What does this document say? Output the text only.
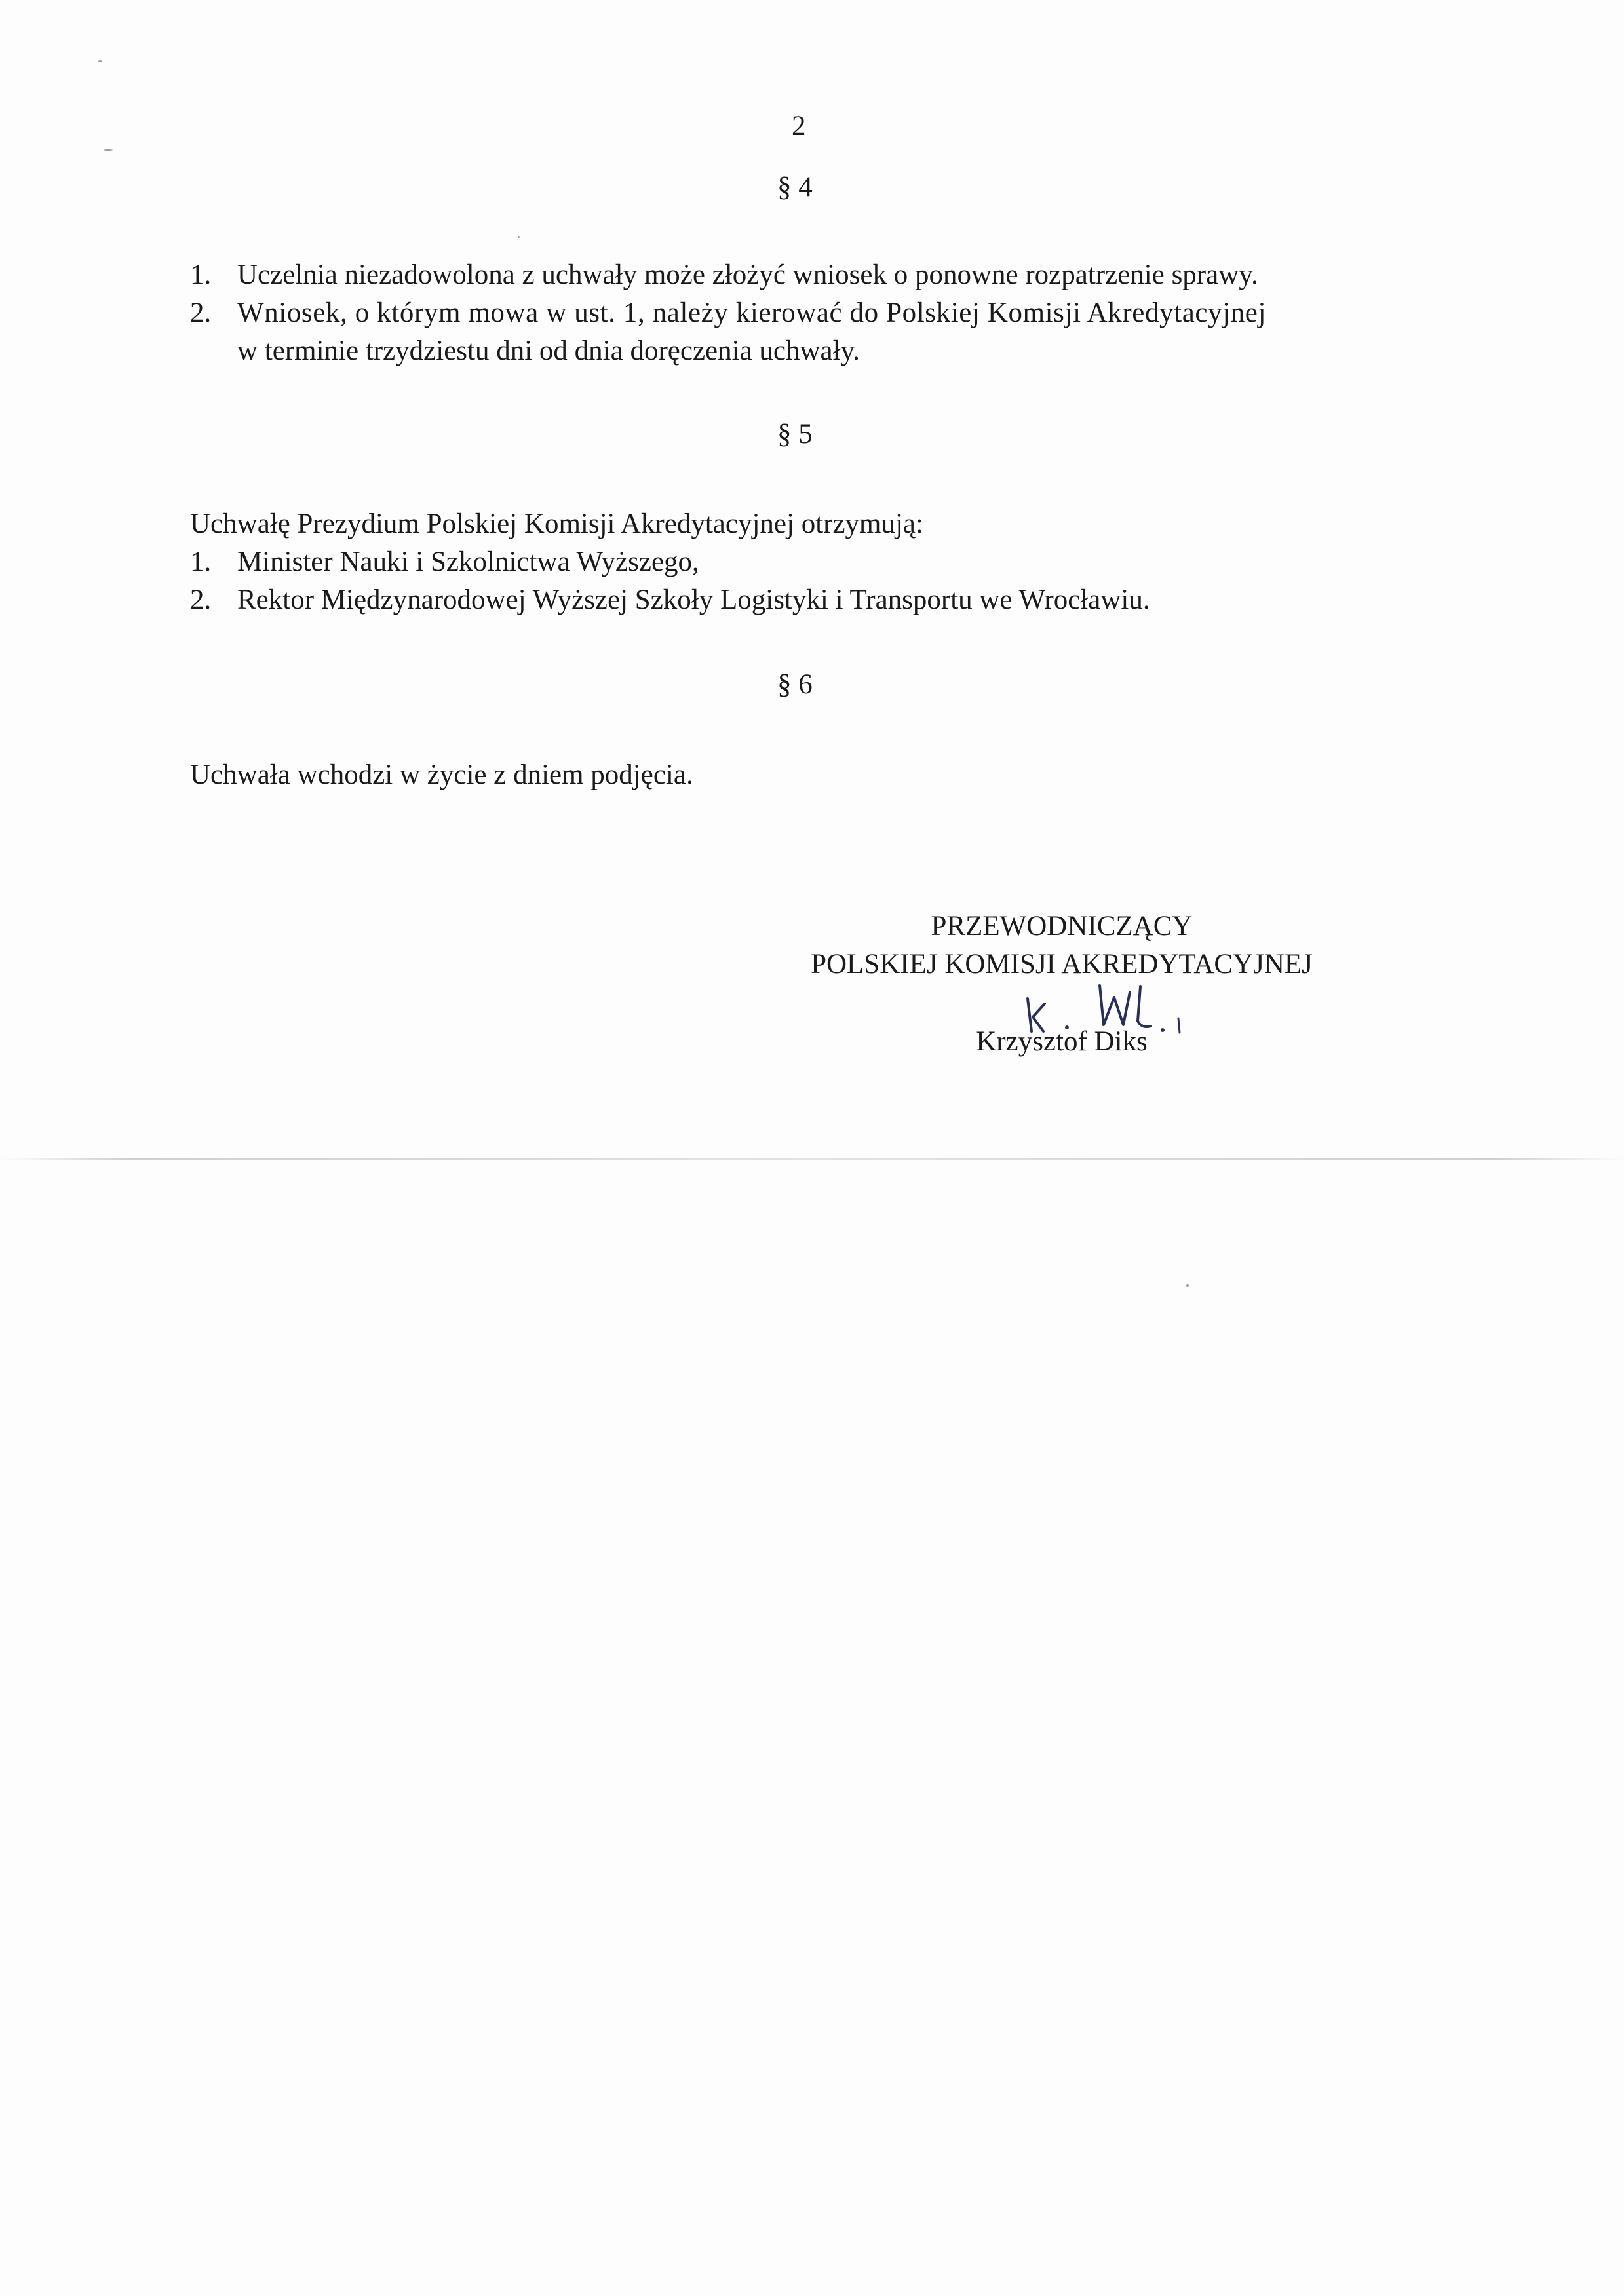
2
§ 4
1. Uczelnia niezadowolona z uchwały może złożyć wniosek o ponowne rozpatrzenie sprawy.
2. Wniosek, o którym mowa w ust. 1, należy kierować do Polskiej Komisji Akredytacyjnej
w terminie trzydziestu dni od dnia doręczenia uchwały.
§ 5
Uchwałę Prezydium Polskiej Komisji Akredytacyjnej otrzymują:
1. Minister Nauki i Szkolnictwa Wyższego,
2. Rektor Międzynarodowej Wyższej Szkoły Logistyki i Transportu we Wrocławiu.
§ 6
Uchwała wchodzi w życie z dniem podjęcia.
PRZEWODNICZĄCY
POLSKIEJ KOMISJI AKREDYTACYJNEJ
Krzysztof Diks
